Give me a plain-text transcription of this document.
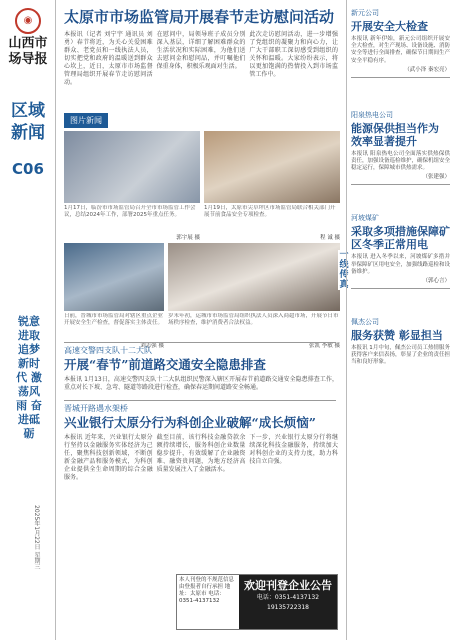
◉
山西市场导报
区域新闻
C06
锐意进取 追梦新时代 激荡风雨 奋进砥砺
2025年1月22日 星期三
太原市市场监管局开展春节走访慰问活动

本报讯（记者 刘宁宇 通讯员 刘 勇）春节将近，为关心关爱困难群众、老党员和一线执法人员，切实把党和政府的温暖送到群众心坎上，近日，太原市市场监督管理局组织开展春节走访慰问活动。

在慰问中，局领导班子成员分别深入基层，详细了解困难群众的生活状况和实际困难，为他们送去慰问金和慰问品，并叮嘱他们保重身体，积极乐观面对生活。

此次走访慰问活动，进一步增强了党组织的凝聚力和向心力，让广大干部职工深切感受到组织的关怀和温暖。大家纷纷表示，将以更加饱满的热情投入到市场监管工作中。

图片新闻
1月17日，临汾市市场监管局召开全市市场监管工作会议，总结2024年工作，部署2025年重点任务。
郭宇展 摄
1月19日，太原市尖草坪区市场监管局联合相关部门开展节前食品安全专项检查。
程 诚 摄
日前，晋城市市场监管局对辖区重点企业开展安全生产检查，督促落实主体责任。
刘志强 摄
岁末年初，运城市市场监管局组织执法人员深入商超市场，开展节日市场秩序检查，维护消费者合法权益。
张凯 李敏 摄
高速交警四支队十二大队
开展“春节”前道路交通安全隐患排查

本报讯 1月13日，高速交警四支队十二大队组织民警深入辖区开展春节前道路交通安全隐患排查工作，重点对长下坡、急弯、隧道等路段进行检查，确保春运期间道路安全畅通。

晋城开路遇水架桥
兴业银行太原分行为科创企业破解“成长烦恼”

本报讯 近年来，兴业银行太原分行坚持以金融服务实体经济为己任，聚焦科技创新领域，不断创新金融产品和服务模式，为科创企业提供全生命周期的综合金融服务。

截至目前，该行科技金融贷款余额持续增长，服务科创企业数量稳步提升，有效缓解了企业融资难、融资贵问题，为地方经济高质量发展注入了金融活水。

下一步，兴业银行太原分行将继续深化科技金融服务，持续加大对科创企业的支持力度，助力科技自立自强。

本人刊登的不规范信息由登报者自行承担 地址：太原市 电话：0351-4137132
欢迎刊登企业公告
电话：0351-4137132
19135722318
一线传真
新元公司
开展安全大检查
本报讯 新年伊始，新元公司组织开展安全大检查，对生产现场、设备设施、消防安全等进行全面排查，确保节日期间生产安全平稳有序。
（武小泽 秦宏亮）
阳泉热电公司
能源保供担当作为 效率显著提升
本报讯 阳泉热电公司全面落实供热保供责任，加强设备巡检维护，确保机组安全稳定运行，保障城市供热需求。
（张建强）
河坡煤矿
采取多项措施保障矿区冬季正常用电
本报讯 进入冬季以来，河坡煤矿多措并举保障矿区用电安全，加强线路巡检和设备维护。
（郭心言）
佩杰公司
服务获赞 彰显担当
本报讯 1月中旬，佩杰公司员工热情服务获得客户来信表扬，彰显了企业的责任担当和良好形象。
